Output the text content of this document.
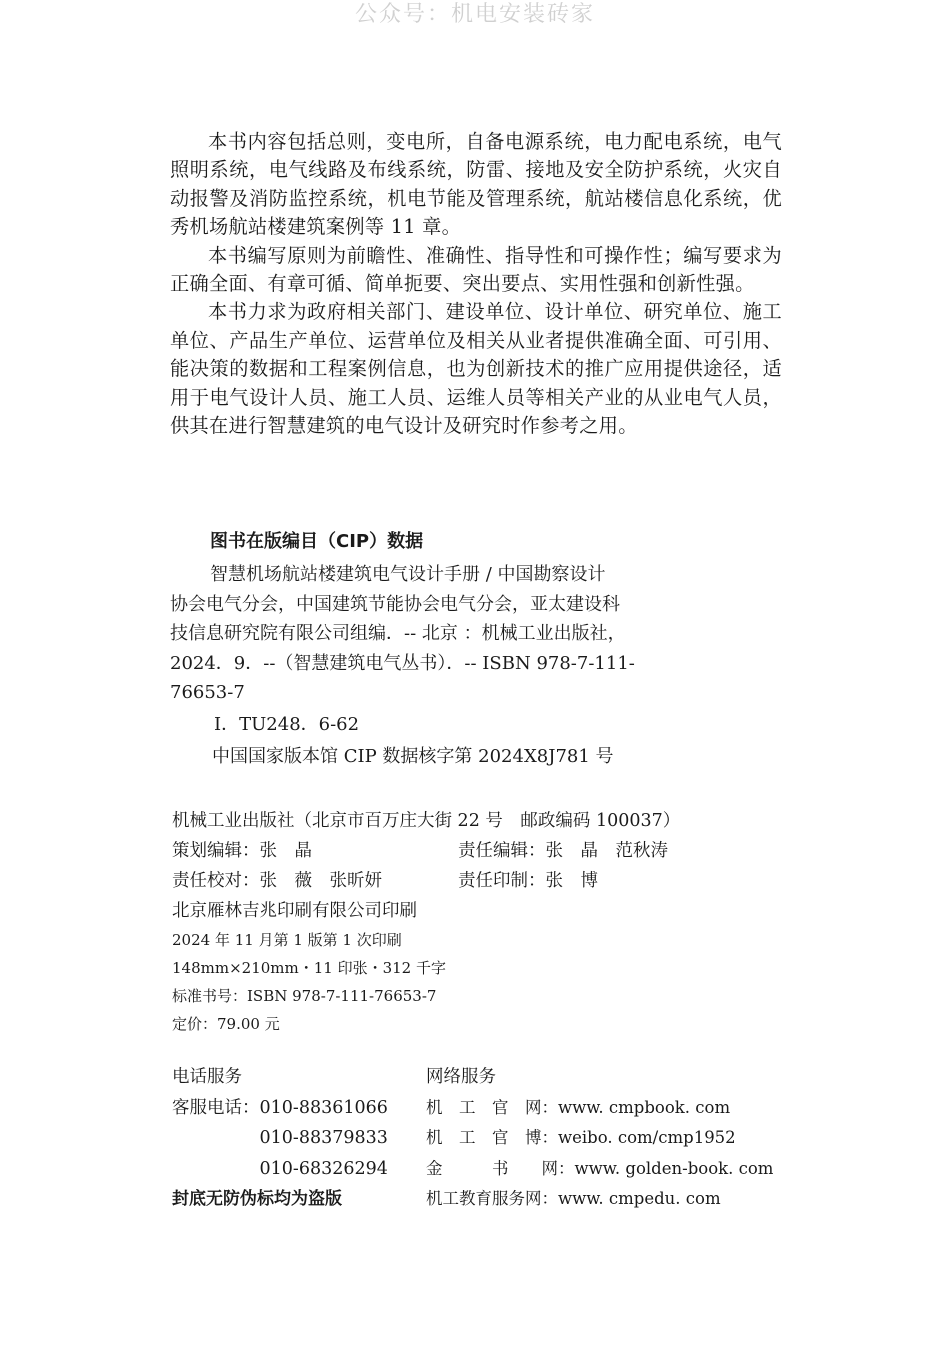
公众号：机电安装砖家

本书内容包括总则，变电所，自备电源系统，电力配电系统，电气照明系统，电气线路及布线系统，防雷、接地及安全防护系统，火灾自动报警及消防监控系统，机电节能及管理系统，航站楼信息化系统，优秀机场航站楼建筑案例等 11 章。

本书编写原则为前瞻性、准确性、指导性和可操作性；编写要求为正确全面、有章可循、简单扼要、突出要点、实用性强和创新性强。

本书力求为政府相关部门、建设单位、设计单位、研究单位、施工单位、产品生产单位、运营单位及相关从业者提供准确全面、可引用、能决策的数据和工程案例信息，也为创新技术的推广应用提供途径，适用于电气设计人员、施工人员、运维人员等相关产业的从业电气人员，供其在进行智慧建筑的电气设计及研究时作参考之用。

图书在版编目（CIP）数据

智慧机场航站楼建筑电气设计手册 / 中国勘察设计

协会电气分会，中国建筑节能协会电气分会，亚太建设科

技信息研究院有限公司组编．-- 北京 ：机械工业出版社，

2024．9．--（智慧建筑电气丛书）．-- ISBN 978-7-111-

76653-7

Ⅰ．TU248．6-62

中国国家版本馆 CIP 数据核字第 2024X8J781 号

机械工业出版社（北京市百万庄大街 22 号　邮政编码 100037）
策划编辑：张　晶	责任编辑：张　晶　范秋涛
责任校对：张　薇　张昕妍	责任印制：张　博
北京雁林吉兆印刷有限公司印刷
2024 年 11 月第 1 版第 1 次印刷
148mm×210mm・11 印张・312 千字
标准书号：ISBN 978-7-111-76653-7
定价：79.00 元
电话服务	网络服务
客服电话：010-88361066	机　工　官　网：www. cmpbook. com
　　　　　010-88379833	机　工　官　博：weibo. com/cmp1952
　　　　　010-68326294	金　　　书　　网：www. golden-book. com
封底无防伪标均为盗版	机工教育服务网：www. cmpedu. com
